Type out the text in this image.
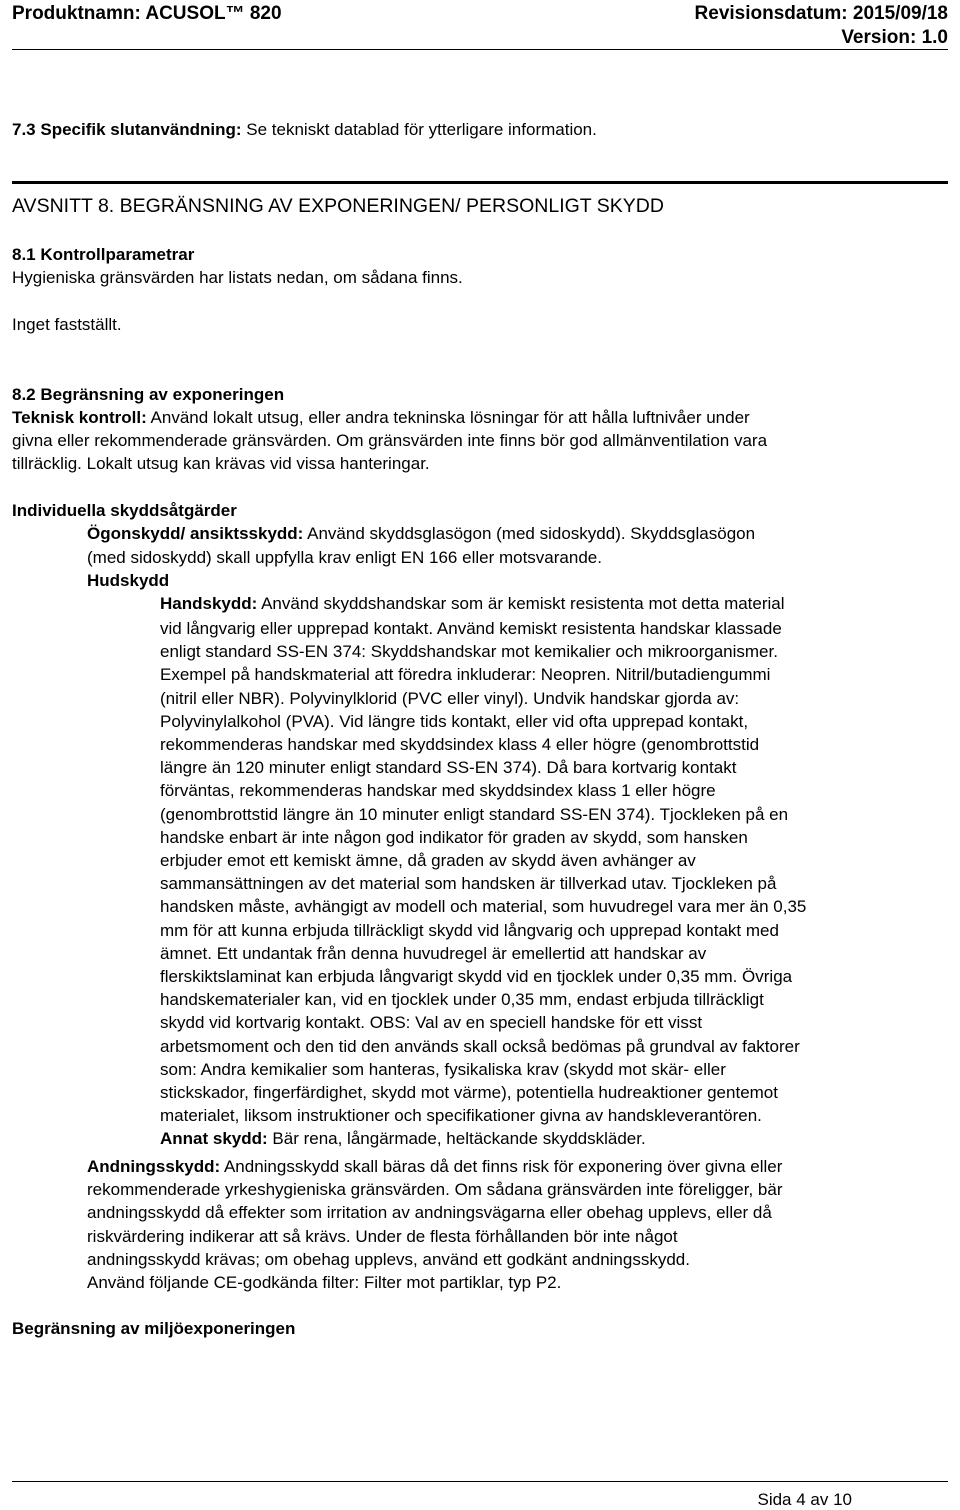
Produktnamn: ACUSOL™ 820	Revisionsdatum: 2015/09/18
Version: 1.0
7.3 Specifik slutanvändning: Se tekniskt datablad för ytterligare information.
AVSNITT 8. BEGRÄNSNING AV EXPONERINGEN/ PERSONLIGT SKYDD
8.1 Kontrollparametrar
Hygieniska gränsvärden har listats nedan, om sådana finns.
Inget fastställt.
8.2 Begränsning av exponeringen
Teknisk kontroll: Använd lokalt utsug, eller andra tekninska lösningar för att hålla luftnivåer under
givna eller rekommenderade gränsvärden. Om gränsvärden inte finns bör god allmänventilation vara
tillräcklig. Lokalt utsug kan krävas vid vissa hanteringar.
Individuella skyddsåtgärder
Ögonskydd/ ansiktsskydd: Använd skyddsglasögon (med sidoskydd). Skyddsglasögon
(med sidoskydd) skall uppfylla krav enligt EN 166 eller motsvarande.
Hudskydd
Handskydd: Använd skyddshandskar som är kemiskt resistenta mot detta material
vid långvarig eller upprepad kontakt. Använd kemiskt resistenta handskar klassade
enligt standard SS-EN 374: Skyddshandskar mot kemikalier och mikroorganismer.
Exempel på handskmaterial att föredra inkluderar: Neopren. Nitril/butadiengummi
(nitril eller NBR). Polyvinylklorid (PVC eller vinyl). Undvik handskar gjorda av:
Polyvinylalkohol (PVA). Vid längre tids kontakt, eller vid ofta upprepad kontakt,
rekommenderas handskar med skyddsindex klass 4 eller högre (genombrottstid
längre än 120 minuter enligt standard SS-EN 374). Då bara kortvarig kontakt
förväntas, rekommenderas handskar med skyddsindex klass 1 eller högre
(genombrottstid längre än 10 minuter enligt standard SS-EN 374). Tjockleken på en
handske enbart är inte någon god indikator för graden av skydd, som hansken
erbjuder emot ett kemiskt ämne, då graden av skydd även avhänger av
sammansättningen av det material som handsken är tillverkad utav. Tjockleken på
handsken måste, avhängigt av modell och material, som huvudregel vara mer än 0,35
mm för att kunna erbjuda tillräckligt skydd vid långvarig och upprepad kontakt med
ämnet. Ett undantak från denna huvudregel är emellertid att handskar av
flerskiktslaminat kan erbjuda långvarigt skydd vid en tjocklek under 0,35 mm. Övriga
handskematerialer kan, vid en tjocklek under 0,35 mm, endast erbjuda tillräckligt
skydd vid kortvarig kontakt. OBS: Val av en speciell handske för ett visst
arbetsmoment och den tid den används skall också bedömas på grundval av faktorer
som: Andra kemikalier som hanteras, fysikaliska krav (skydd mot skär- eller
stickskador, fingerfärdighet, skydd mot värme), potentiella hudreaktioner gentemot
materialet, liksom instruktioner och specifikationer givna av handskleverantören.
Annat skydd: Bär rena, långärmade, heltäckande skyddskläder.
Andningsskydd: Andningsskydd skall bäras då det finns risk för exponering över givna eller
rekommenderade yrkeshygieniska gränsvärden. Om sådana gränsvärden inte föreligger, bär
andningsskydd då effekter som irritation av andningsvägarna eller obehag upplevs, eller då
riskvärdering indikerar att så krävs. Under de flesta förhållanden bör inte något
andningsskydd krävas; om obehag upplevs, använd ett godkänt andningsskydd.
Använd följande CE-godkända filter: Filter mot partiklar, typ P2.
Begränsning av miljöexponeringen
Sida 4 av 10
